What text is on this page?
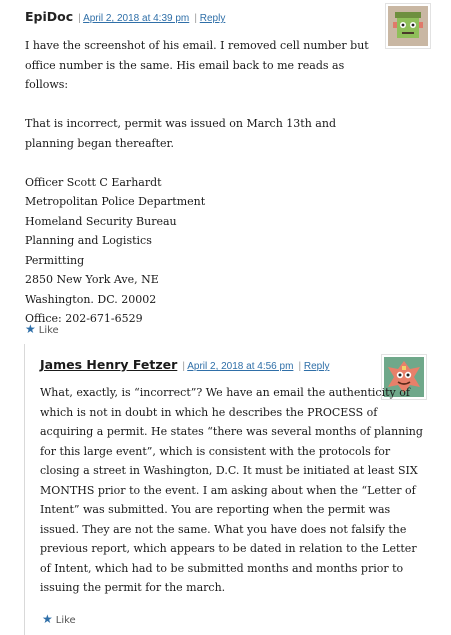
EpiDoc | April 2, 2018 at 4:39 pm | Reply

I have the screenshot of his email. I removed cell number but office number is the same. His email back to me reads as follows:

That is incorrect, permit was issued on March 13th and planning began thereafter.

Officer Scott C Earhardt

Metropolitan Police Department

Homeland Security Bureau

Planning and Logistics

Permitting

2850 New York Ave, NE

Washington. DC. 20002

Office: 202-671-6529

★ Like
James Henry Fetzer | April 2, 2018 at 4:56 pm | Reply

What, exactly, is “incorrect”? We have an email the authenticity of which is not in doubt in which he describes the PROCESS of acquiring a permit. He states “there was several months of planning for this large event”, which is consistent with the protocols for closing a street in Washington, D.C. It must be initiated at least SIX MONTHS prior to the event. I am asking about when the “Letter of Intent” was submitted. You are reporting when the permit was issued. They are not the same. What you have does not falsify the previous report, which appears to be dated in relation to the Letter of Intent, which had to be submitted months and months prior to issuing the permit for the march.

★ Like
